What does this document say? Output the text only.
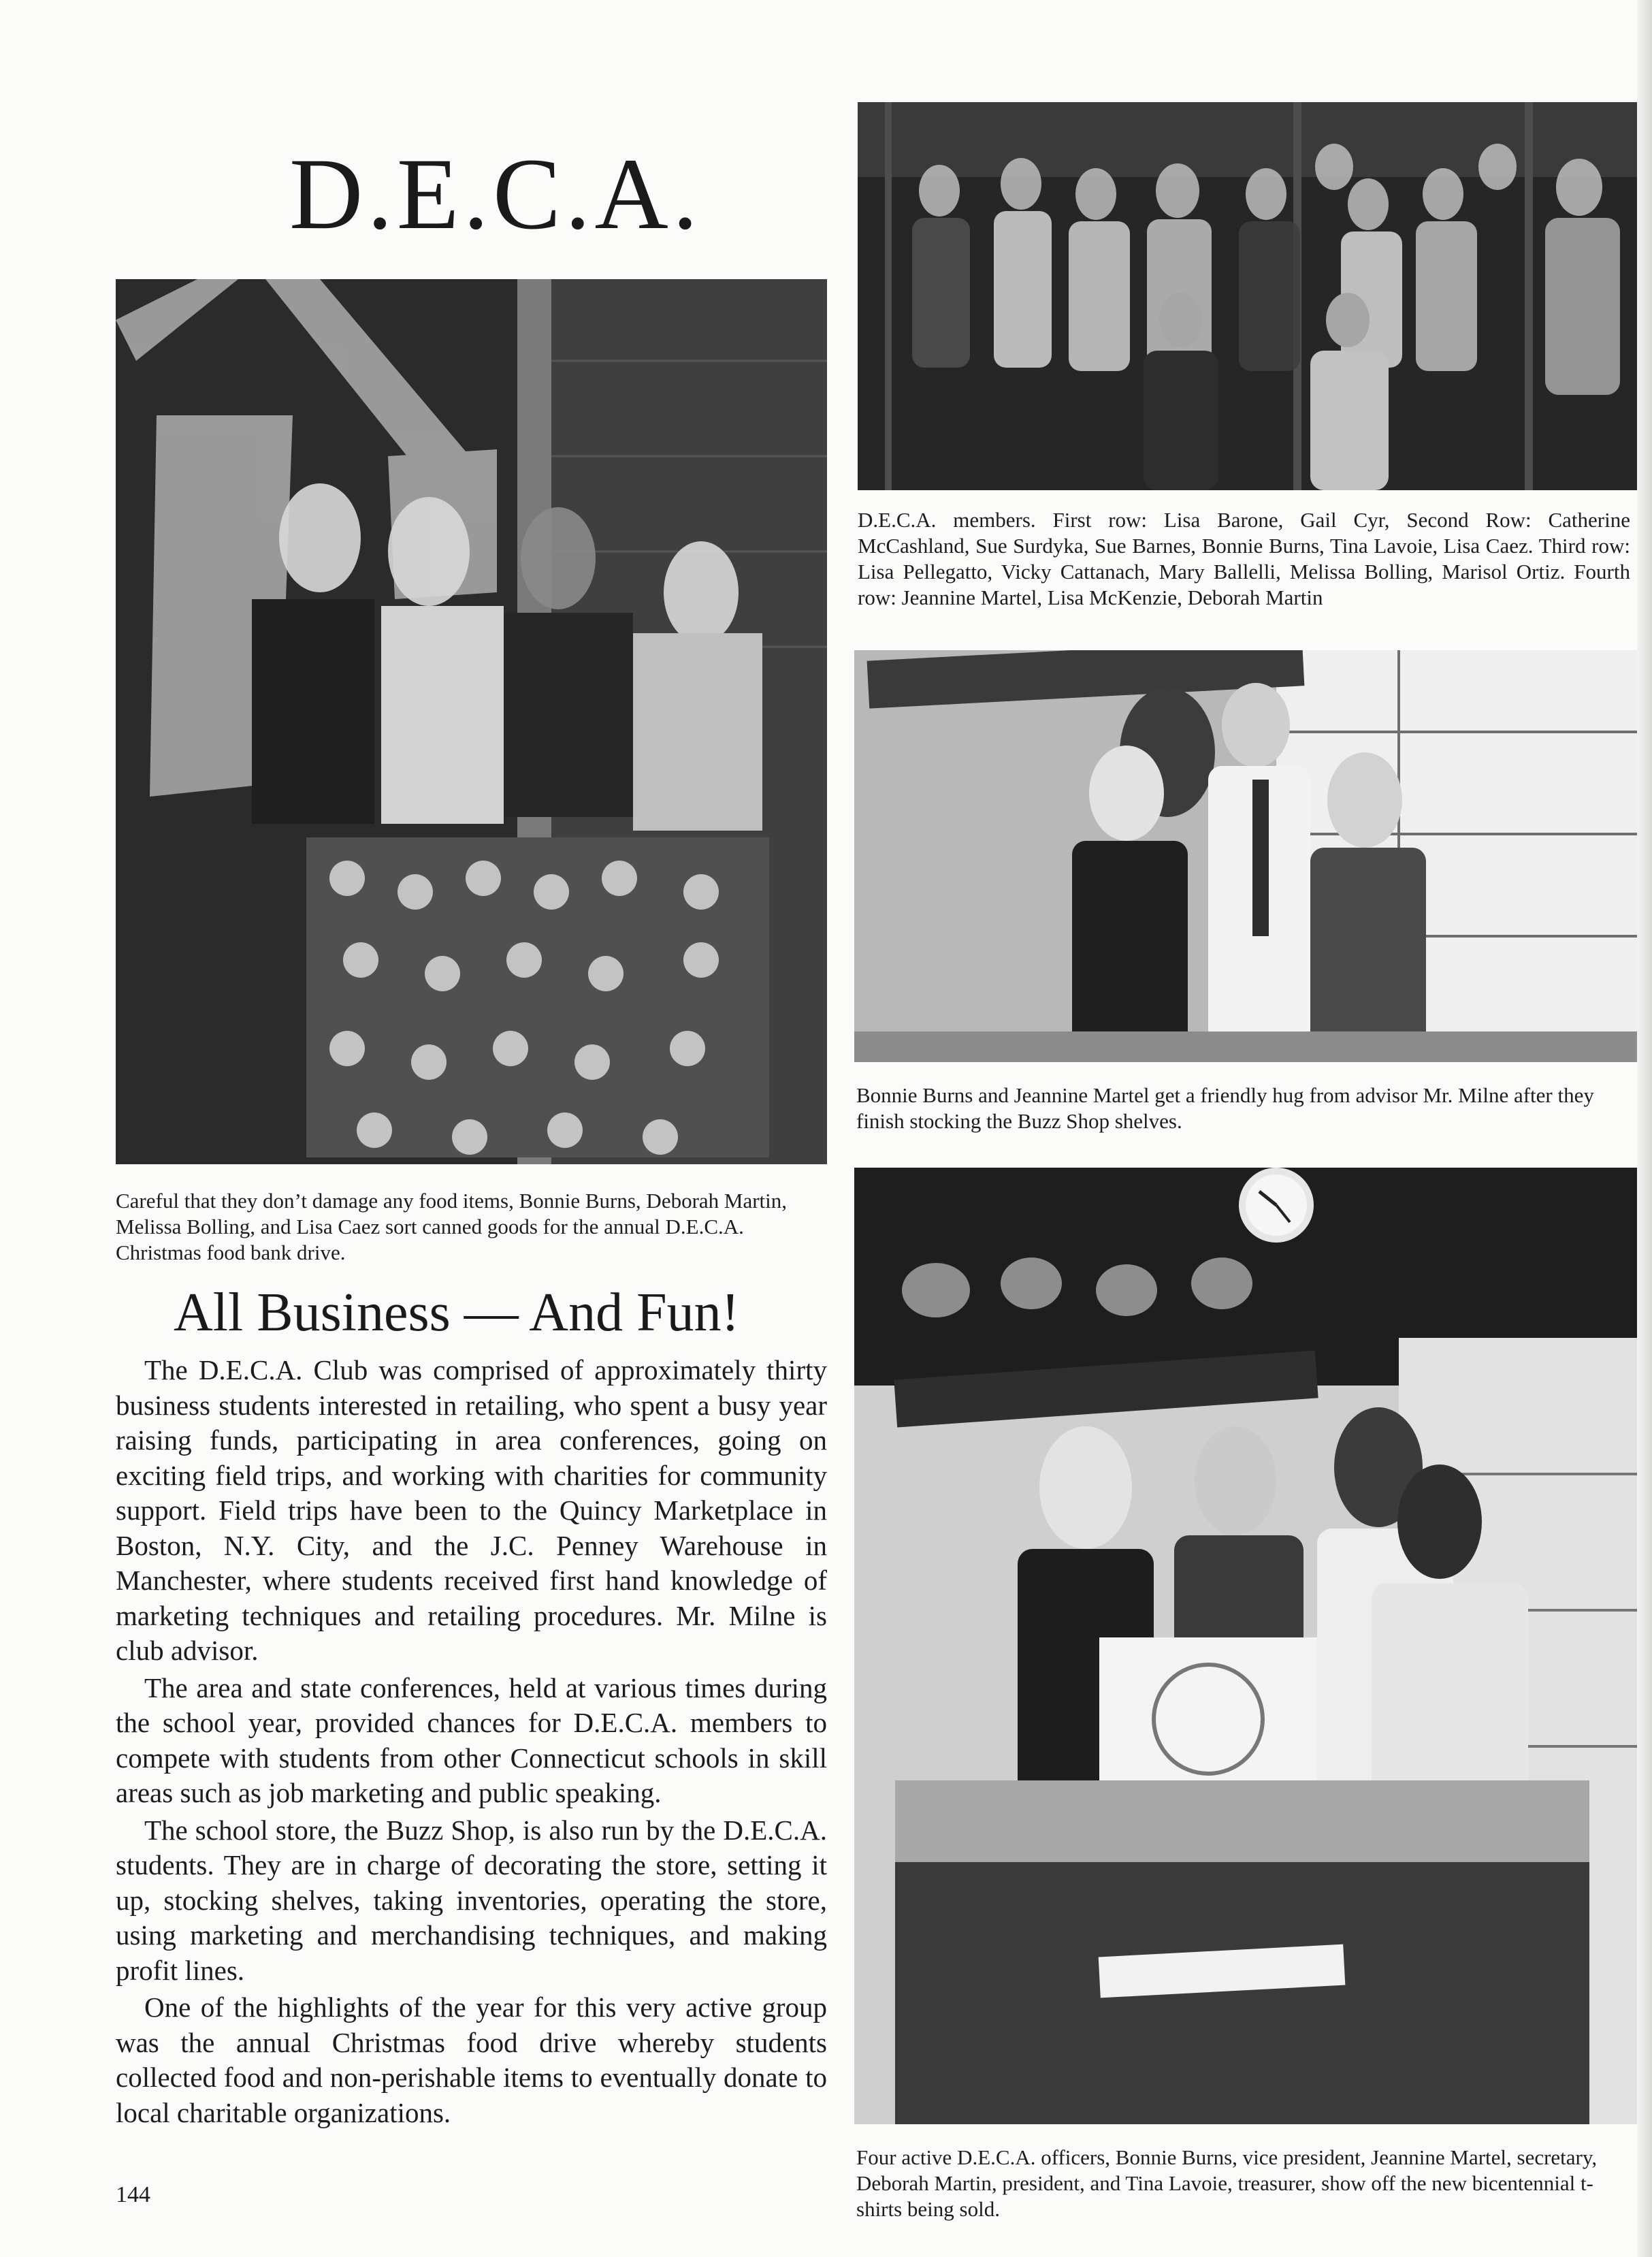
D.E.C.A.

D.E.C.A. members. First row: Lisa Barone, Gail Cyr, Second Row: Catherine McCashland, Sue Surdyka, Sue Barnes, Bonnie Burns, Tina Lavoie, Lisa Caez. Third row: Lisa Pellegatto, Vicky Cattanach, Mary Ballelli, Melissa Bolling, Marisol Ortiz. Fourth row: Jeannine Martel, Lisa McKenzie, Deborah Martin

Careful that they don’t damage any food items, Bonnie Burns, Deborah Martin, Melissa Bolling, and Lisa Caez sort canned goods for the annual D.E.C.A. Christmas food bank drive.

Bonnie Burns and Jeannine Martel get a friendly hug from advisor Mr. Milne after they finish stocking the Buzz Shop shelves.

Four active D.E.C.A. officers, Bonnie Burns, vice president, Jeannine Martel, secretary, Deborah Martin, president, and Tina Lavoie, treasurer, show off the new bicentennial t-shirts being sold.

All Business — And Fun!

The D.E.C.A. Club was comprised of approximately thirty business students interested in retailing, who spent a busy year raising funds, participating in area conferences, going on exciting field trips, and working with charities for community support. Field trips have been to the Quincy Marketplace in Boston, N.Y. City, and the J.C. Penney Warehouse in Manchester, where students received first hand knowledge of marketing techniques and retailing procedures. Mr. Milne is club advisor.

The area and state conferences, held at various times during the school year, provided chances for D.E.C.A. members to compete with students from other Connecticut schools in skill areas such as job marketing and public speaking.

The school store, the Buzz Shop, is also run by the D.E.C.A. students. They are in charge of decorating the store, setting it up, stocking shelves, taking inventories, operating the store, using marketing and merchandising techniques, and making profit lines.

One of the highlights of the year for this very active group was the annual Christmas food drive whereby students collected food and non-perishable items to eventually donate to local charitable organizations.

144
